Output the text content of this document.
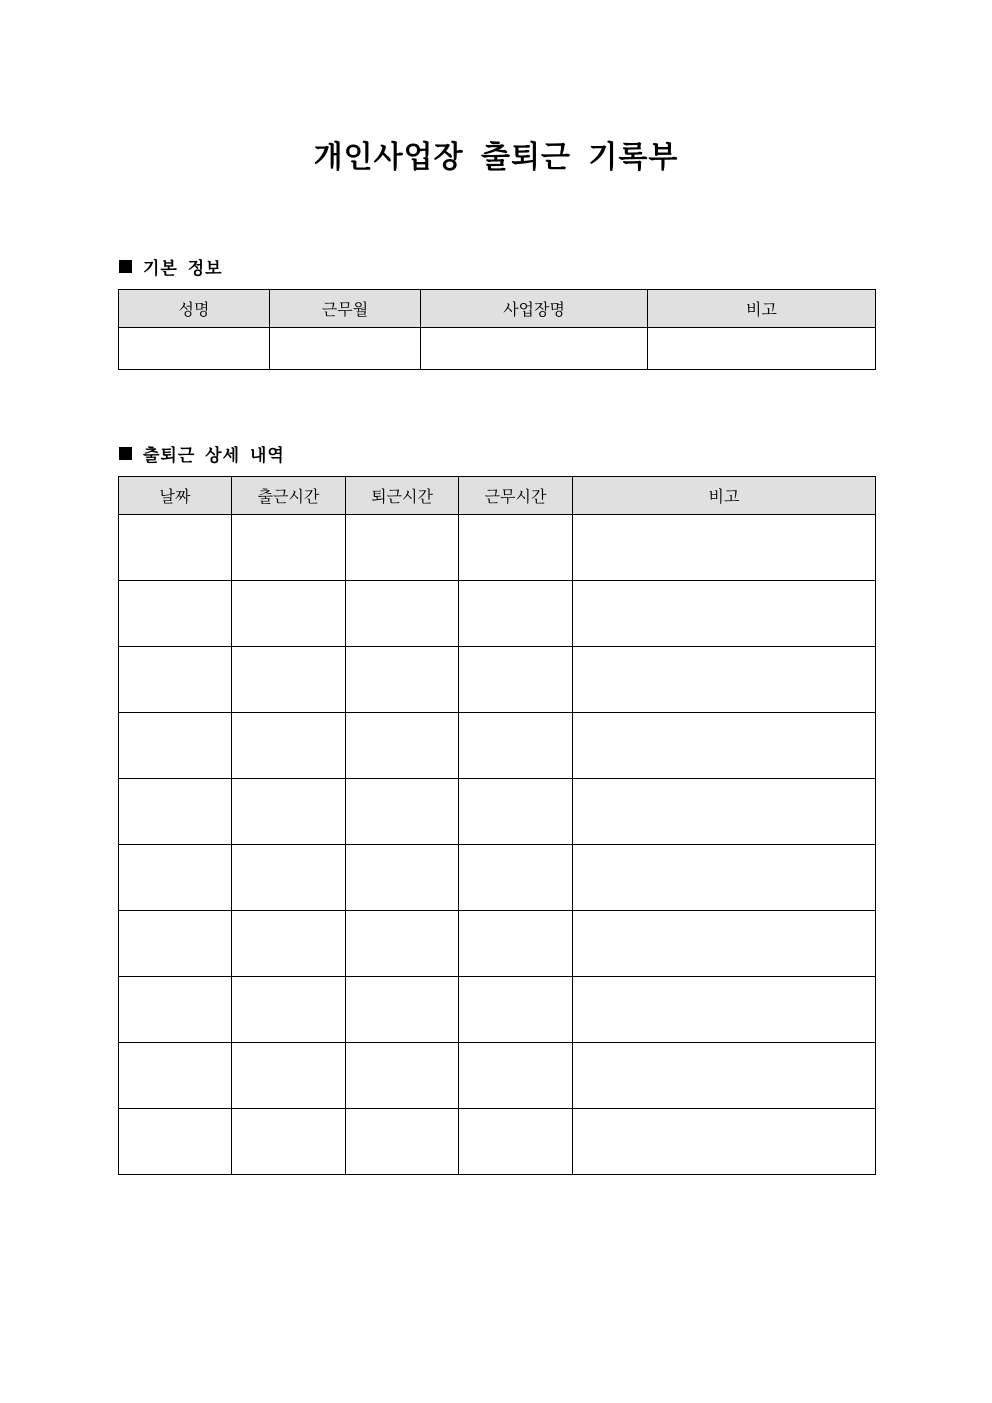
개인사업장 출퇴근 기록부
기본 정보
성명	근무월	사업장명	비고

출퇴근 상세 내역
날짜	출근시간	퇴근시간	근무시간	비고
